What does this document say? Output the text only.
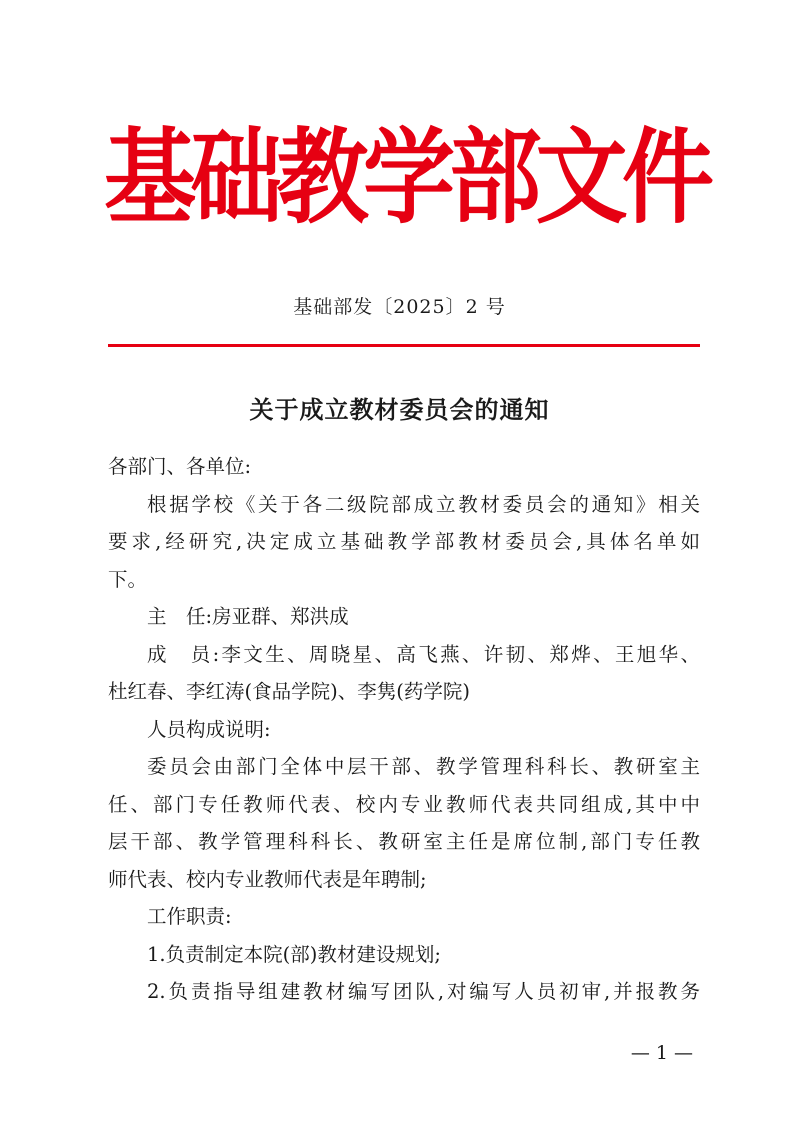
基
础
教
学
部
文
件
基础部发〔2025〕2 号
关于成立教材委员会的通知

各部门、各单位:

根据学校《关于各二级院部成立教材委员会的通知》相关

要求,经研究,决定成立基础教学部教材委员会,具体名单如

下。

主　任:房亚群、郑洪成

成　员:李文生、周晓星、高飞燕、许韧、郑烨、王旭华、

杜红春、李红涛(食品学院)、李隽(药学院)

人员构成说明:

委员会由部门全体中层干部、教学管理科科长、教研室主

任、部门专任教师代表、校内专业教师代表共同组成,其中中

层干部、教学管理科科长、教研室主任是席位制,部门专任教

师代表、校内专业教师代表是年聘制;

工作职责:

1.负责制定本院(部)教材建设规划;

2.负责指导组建教材编写团队,对编写人员初审,并报教务

— 1 —
